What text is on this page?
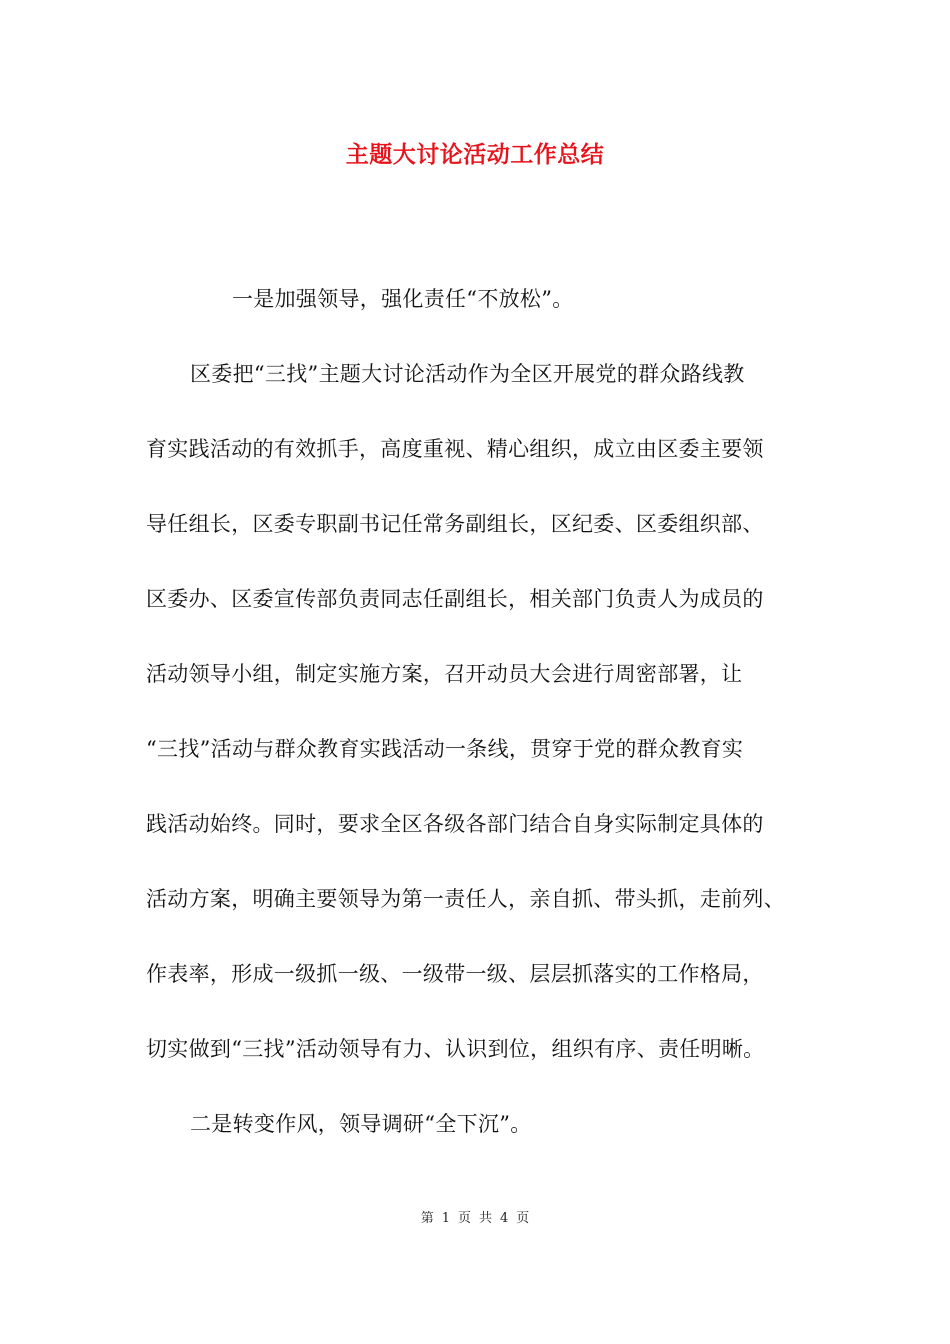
主题大讨论活动工作总结
一是加强领导，强化责任“不放松”。
区委把“三找”主题大讨论活动作为全区开展党的群众路线教
育实践活动的有效抓手，高度重视、精心组织，成立由区委主要领
导任组长，区委专职副书记任常务副组长，区纪委、区委组织部、
区委办、区委宣传部负责同志任副组长，相关部门负责人为成员的
活动领导小组，制定实施方案，召开动员大会进行周密部署，让
“三找”活动与群众教育实践活动一条线，贯穿于党的群众教育实
践活动始终。同时，要求全区各级各部门结合自身实际制定具体的
活动方案，明确主要领导为第一责任人，亲自抓、带头抓，走前列、
作表率，形成一级抓一级、一级带一级、层层抓落实的工作格局，
切实做到“三找”活动领导有力、认识到位，组织有序、责任明晰。
二是转变作风，领导调研“全下沉”。
第 1 页 共 4 页
